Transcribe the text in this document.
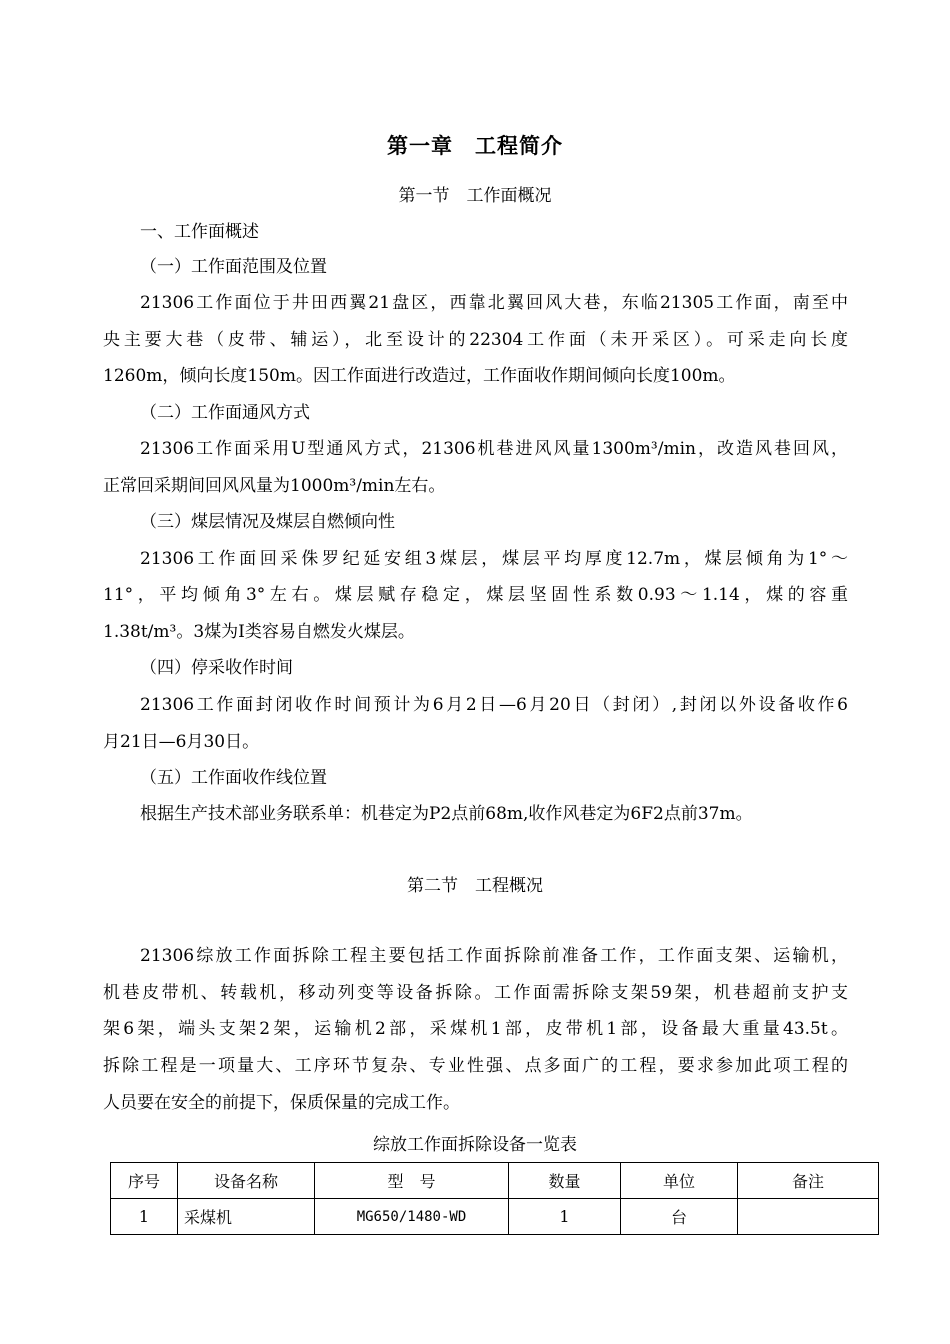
第一章　工程简介
第一节　工作面概况
一、工作面概述
（一）工作面范围及位置
21306工作面位于井田西翼21盘区，西靠北翼回风大巷，东临21305工作面，南至中
央主要大巷（皮带、辅运），北至设计的22304工作面（未开采区）。可采走向长度
1260m，倾向长度150m。因工作面进行改造过，工作面收作期间倾向长度100m。
（二）工作面通风方式
21306工作面采用U型通风方式，21306机巷进风风量1300m³/min，改造风巷回风，
正常回采期间回风风量为1000m³/min左右。
（三）煤层情况及煤层自燃倾向性
21306工作面回采侏罗纪延安组3煤层，煤层平均厚度12.7m，煤层倾角为1°～
11°，平均倾角3°左右。煤层赋存稳定，煤层坚固性系数0.93～1.14，煤的容重
1.38t/m³。3煤为Ⅰ类容易自燃发火煤层。
（四）停采收作时间
21306工作面封闭收作时间预计为6月2日—6月20日（封闭）,封闭以外设备收作6
月21日—6月30日。
（五）工作面收作线位置
根据生产技术部业务联系单：机巷定为P2点前68m,收作风巷定为6F2点前37m。
第二节　工程概况
21306综放工作面拆除工程主要包括工作面拆除前准备工作，工作面支架、运输机，
机巷皮带机、转载机，移动列变等设备拆除。工作面需拆除支架59架，机巷超前支护支
架6架，端头支架2架，运输机2部，采煤机1部，皮带机1部，设备最大重量43.5t。
拆除工程是一项量大、工序环节复杂、专业性强、点多面广的工程，要求参加此项工程的
人员要在安全的前提下，保质保量的完成工作。
综放工作面拆除设备一览表
序号	设备名称	型　号	数量	单位	备注
1	采煤机	MG650/1480-WD	1	台	
